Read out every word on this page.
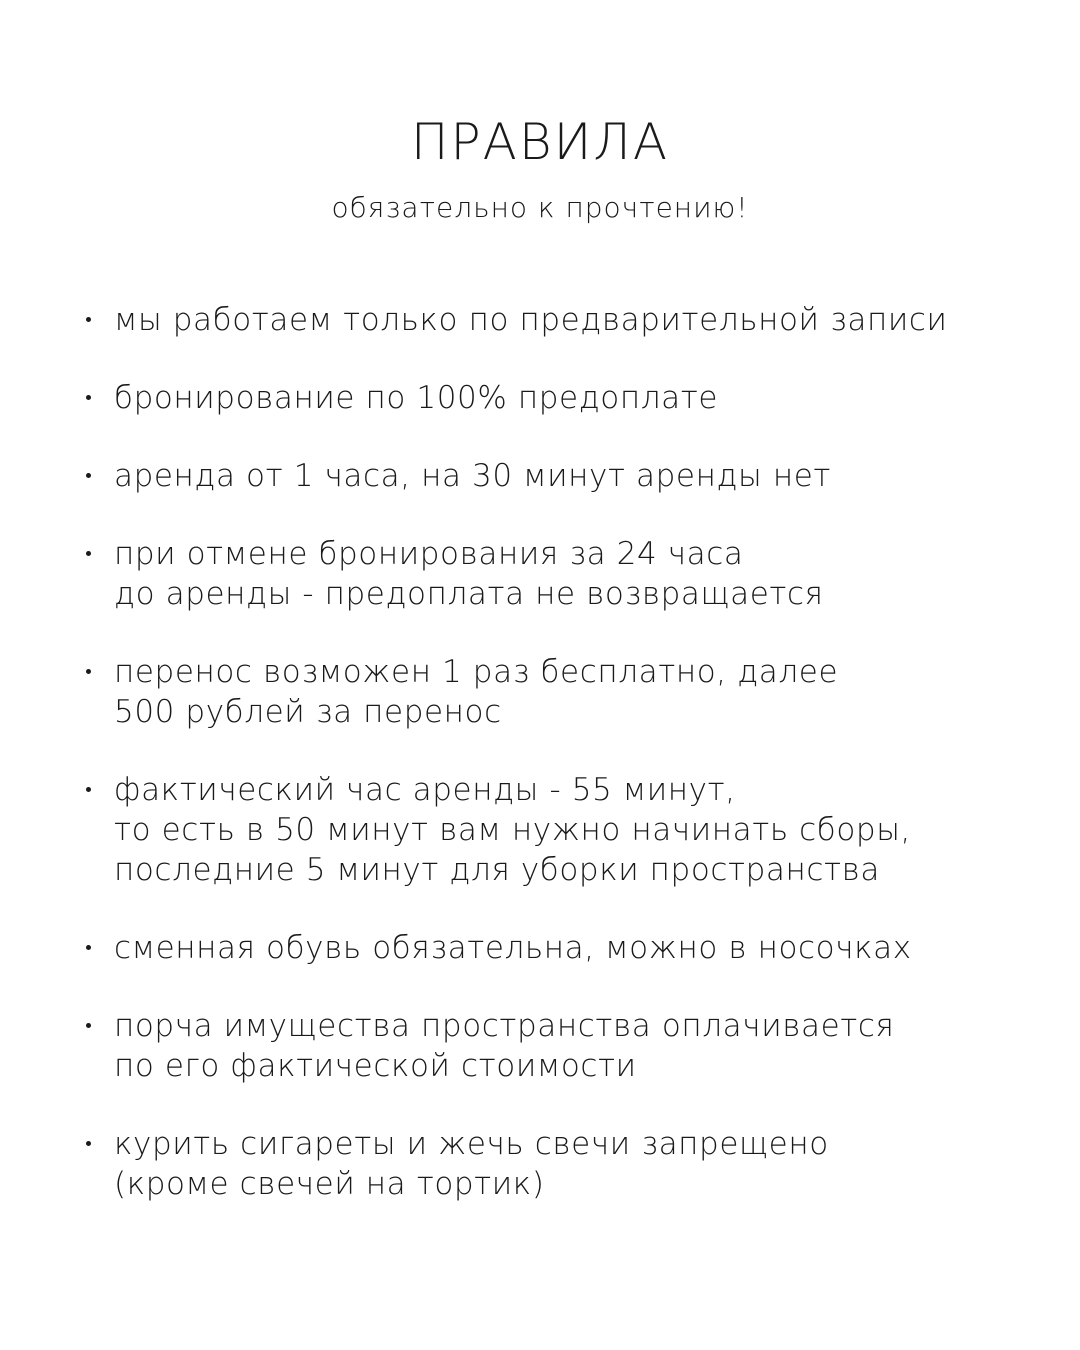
ПРАВИЛА

обязательно к прочтению!

мы работаем только по предварительной записи
бронирование по 100% предоплате
аренда от 1 часа, на 30 минут аренды нет
при отмене бронирования за 24 часа
до аренды - предоплата не возвращается
перенос возможен 1 раз бесплатно, далее
500 рублей за перенос
фактический час аренды - 55 минут,
то есть в 50 минут вам нужно начинать сборы,
последние 5 минут для уборки пространства
сменная обувь обязательна, можно в носочках
порча имущества пространства оплачивается
по его фактической стоимости
курить сигареты и жечь свечи запрещено
(кроме свечей на тортик)
